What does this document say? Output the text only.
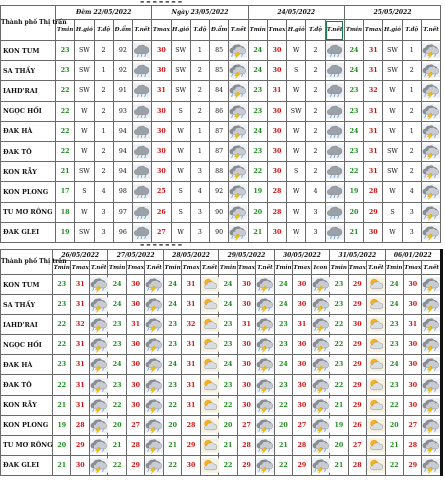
▬ ▬ ▬ ▬ ▬ ▬ ▬
Thành phố Thị trấn	Đêm 22/05/2022					Ngày 23/05/2022					24/05/2022					25/05/2022				
	Tmin	H.gió	T.độ	Đ.ẩm	T.nết	Tmax	H.gió	T.độ	Đ.ẩm	T.nết	Tmin	Tmax	H.gió	T.độ	T.nết	Tmin	Tmax	H.gió	T.độ	T.nết
KON TUM	23	SW	2	92		30	SW	1	85		24	30	W	2		24	31	SW	1	

SA THẦY	23	SW	1	92		30	SW	2	85		24	30	S	2		24	31	SW	2	

IAHD'RAI	22	SW	2	91		31	SW	2	84		23	31	W	2		23	32	W	1	

NGỌC HỒI	22	W	2	93		30	S	2	86		23	30	SW	2		23	31	W	2	

ĐAK HÀ	22	W	1	94		30	W	1	87		24	30	W	2		24	31	W	1	

ĐAK TÔ	22	W	2	94		30	W	1	87		23	30	W	2		23	31	SW	2	

KON RẪY	21	SW	2	94		30	W	3	88		22	30	S	2		22	31	SW	2	

KON PLONG	17	S	4	98		25	S	4	92		19	28	W	4		19	28	W	4	

TU MƠ RÔNG	18	W	3	97		26	S	3	90		20	28	W	3		20	29	S	3	

ĐAK GLEI	19	SW	3	96		27	W	3	90		21	30	W	3		21	30	W	3	
▬ ▬ ▬ ▬ ▬ ▬ ▬
Thành phố Thị trấn	26/05/2022			27/05/2022			28/05/2022			29/05/2022			30/05/2022			31/05/2022			06/01/2022		
	Tmin	Tmax	T.nết	Tmin	Tmax	T.nết	Tmin	Tmax	T.nết	Tmin	Tmax	T.nết	Tmin	Tmax	Icon	Tmin	Tmax	T.nết	Tmin	Tmax	T.nết
KON TUM	23	31		24	30		24	31		24	30		24	30		23	29		24	30	

SA THẦY	23	31		24	30		24	31		24	30		24	30		23	29		24	30	

IAHD'RAI	22	32		23	31		23	32		23	31		23	31		22	30		23	31	

NGỌC HỒI	22	31		23	30		23	31		23	30		23	30		22	29		23	30	

ĐAK HÀ	23	31		24	30		24	31		24	30		24	30		23	29		24	30	

ĐAK TÔ	22	31		23	30		23	31		23	30		23	30		22	29		23	30	

KON RẪY	21	31		22	30		22	31		22	30		22	30		21	29		22	30	

KON PLONG	19	28		20	27		20	28		20	27		20	27		19	26		20	27	

TU MƠ RÔNG	20	29		21	28		21	29		21	28		21	28		20	27		21	28	

ĐAK GLEI	21	30		22	29		22	30		22	29		22	29		21	28		22	29	
